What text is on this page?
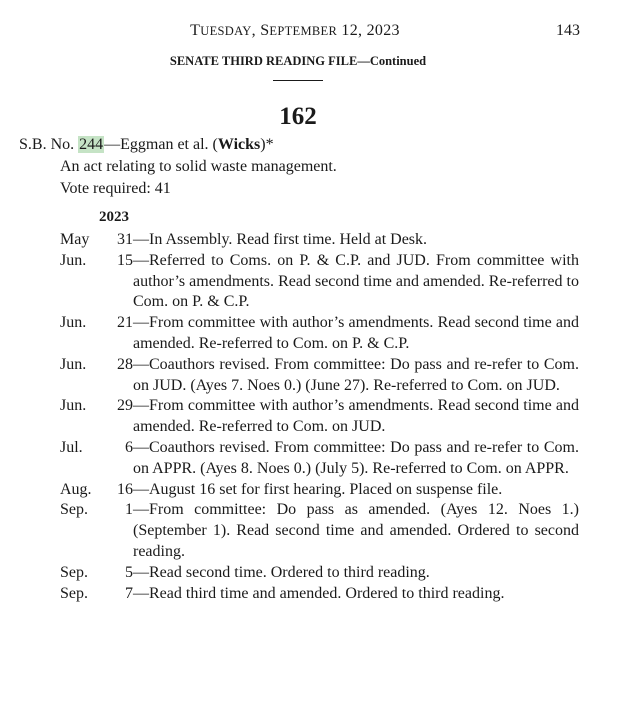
TUESDAY, SEPTEMBER 12, 2023	143
SENATE THIRD READING FILE—Continued
162
S.B. No. 244—Eggman et al. (Wicks)*
An act relating to solid waste management.
Vote required: 41
2023
May	31 —In Assembly. Read first time. Held at Desk.
Jun.	15 —Referred to Coms. on P. & C.P. and JUD. From committee with author’s amendments. Read second time and amended. Re-referred to Com. on P. & C.P.
Jun.	21 —From committee with author’s amendments. Read second time and amended. Re-referred to Com. on P. & C.P.
Jun.	28 —Coauthors revised. From committee: Do pass and re-refer to Com. on JUD. (Ayes 7. Noes 0.) (June 27). Re-referred to Com. on JUD.
Jun.	29 —From committee with author’s amendments. Read second time and amended. Re-referred to Com. on JUD.
Jul.	6 —Coauthors revised. From committee: Do pass and re-refer to Com. on APPR. (Ayes 8. Noes 0.) (July 5). Re-referred to Com. on APPR.
Aug.	16 —August 16 set for first hearing. Placed on suspense file.
Sep.	1 —From committee: Do pass as amended. (Ayes 12. Noes 1.) (September 1). Read second time and amended. Ordered to second reading.
Sep.	5 —Read second time. Ordered to third reading.
Sep.	7 —Read third time and amended. Ordered to third reading.
